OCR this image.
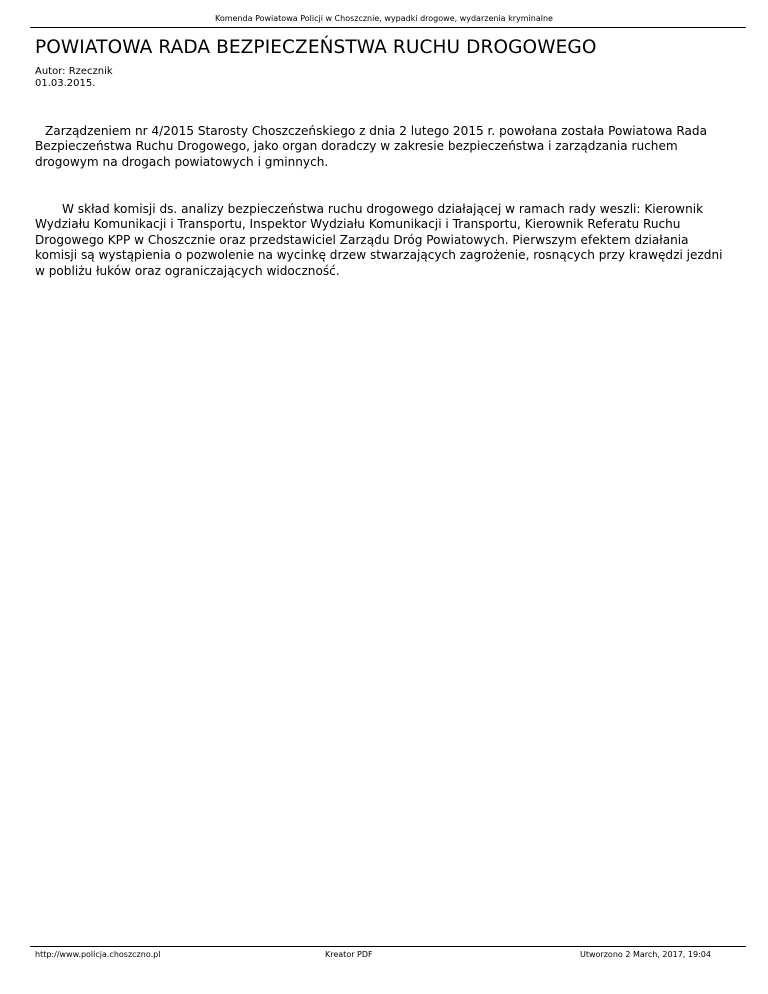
Komenda Powiatowa Policji w Choszcznie, wypadki drogowe, wydarzenia kryminalne
POWIATOWA RADA BEZPIECZEŃSTWA RUCHU DROGOWEGO
Autor: Rzecznik
01.03.2015.

Zarządzeniem nr 4/2015 Starosty Choszczeńskiego z dnia 2 lutego 2015 r. powołana została Powiatowa Rada Bezpieczeństwa Ruchu Drogowego, jako organ doradczy w zakresie bezpieczeństwa i zarządzania ruchem drogowym na drogach powiatowych i gminnych.

W skład komisji ds. analizy bezpieczeństwa ruchu drogowego działającej w ramach rady weszli: Kierownik Wydziału Komunikacji i Transportu, Inspektor Wydziału Komunikacji i Transportu, Kierownik Referatu Ruchu Drogowego KPP w Choszcznie oraz przedstawiciel Zarządu Dróg Powiatowych. Pierwszym efektem działania komisji są wystąpienia o pozwolenie na wycinkę drzew stwarzających zagrożenie, rosnących przy krawędzi jezdni w pobliżu łuków oraz ograniczających widoczność.

http://www.policja.choszczno.pl	Kreator PDF	Utworzono 2 March, 2017, 19:04
